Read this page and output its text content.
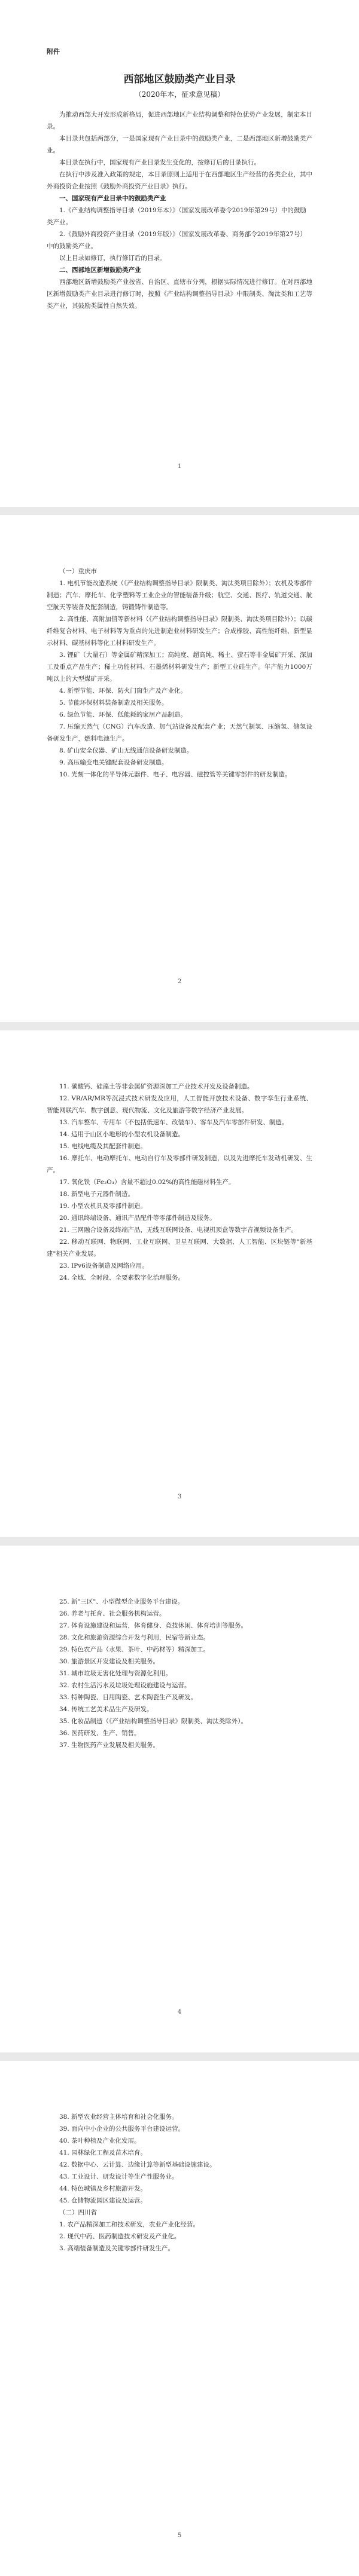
附件
西部地区鼓励类产业目录
（2020年本，征求意见稿）

为推动西部大开发形成新格局，促进西部地区产业结构调整和特色优势产业发展，制定本目录。

本目录共包括两部分，一是国家现有产业目录中的鼓励类产业，二是西部地区新增鼓励类产业。

本目录在执行中，国家现有产业目录发生变化的，按修订后的目录执行。

在执行中涉及准入政策的规定，本目录原则上适用于在西部地区生产经营的各类企业，其中外商投资企业按照《鼓励外商投资产业目录》执行。

一、国家现有产业目录中的鼓励类产业

1.《产业结构调整指导目录（2019年本）》（国家发展改革委令2019年第29号）中的鼓励类产业。

2.《鼓励外商投资产业目录（2019年版）》（国家发展改革委、商务部令2019年第27号）中的鼓励类产业。

以上目录如修订，执行修订后的目录。

二、西部地区新增鼓励类产业

西部地区新增鼓励类产业按省、自治区、直辖市分列，根据实际情况进行修订。在对西部地区新增鼓励类产业目录进行修订时，按照《产业结构调整指导目录》中限制类、淘汰类和工艺等类产业，其鼓励类属性自然失效。

1

（一）重庆市

1. 电机节能改造系统（《产业结构调整指导目录》限制类、淘汰类项目除外）；农机及零部件制造；汽车、摩托车、化学塑料等工业企业的智能装备升级；航空、交通、医疗、轨道交通、航空航天等装备及配套制造，铸锻铸件制造等。

2. 高性能、高附加值等新材料（《产业结构调整指导目录》限制类、淘汰类项目除外）；以碳纤维复合材料、电子材料等为重点的先进制造业材料研发生产；合成橡胶、高性能纤维、新型显示材料、碳基材料等化工材料研发生产。

3. 锂矿（大量石）等金属矿精深加工；高纯度、超高纯、稀土、萤石等非金属矿开采、深加工及重点产品生产；稀土功能材料、石墨烯材料研发生产；新型工业硅生产。年产能力1000万吨以上的大型煤矿开采。

4. 新型节能、环保、防火门窗生产及产业化。

5. 节能环保材料装备制造及相关服务。

6. 绿色节能、环保、低能耗的家居产品制造。

7. 压缩天然气（CNG）汽车改造、加气站设备及配套产业；天然气制氢、压缩氢、储氢设备研发生产，燃料电池生产。

8. 矿山安全仪器、矿山无线通信设备研发制造。

9. 高压输变电关键配套设备研发制造。

10. 光刻一体化的半导体元器件、电子、电容器、磁控管等关键零部件的研发制造。

2

11. 碳酸钙、硅藻土等非金属矿资源深加工产业技术开发及设备制造。

12. VR/AR/MR等沉浸式技术研发及应用，人工智能开放技术设备、数字孪生行业系统、智能网联汽车、数字创意、现代物流、文化及旅游等数字经济产业发展。

13. 汽车整车、专用车（不包括低速车、改装车）、客车及汽车零部件研发、制造。

14. 适用于山区小地形的小型农机设备制造。

15. 电线电缆及其配套件制造。

16. 摩托车、电动摩托车、电动自行车及零部件研发制造，以及先进摩托车发动机研发、生产。

17. 氧化铁（Fe₂O₃）含量不超过0.02%的高性能磁材料生产。

18. 新型电子元器件制造。

19. 小型农机具及零部件制造。

20. 通讯终端设备、通讯产品配件等零部件制造及服务。

21. 三网融合设备及终端产品，无线互联网设备、电视机顶盒等数字音视频设备生产。

22. 移动互联网、物联网、工业互联网、卫星互联网、大数据、人工智能、区块链等"新基建"相关产业发展。

23. IPv6设备制造及网络应用。

24. 全域、全时段、全要素数字化治理服务。

3

25. 新"三区"、小型微型企业服务平台建设。

26. 养老与托育、社会服务机构运营。

27. 体育设施建设和运营，体育健身、竞技休闲、体育培训等服务。

28. 文化和旅游资源综合开发与利用，民宿等新业态。

29. 特色农产品（水果、茶叶、中药材等）精深加工。

30. 旅游景区开发建设及相关服务。

31. 城市垃圾无害化处理与资源化利用。

32. 农村生活污水及垃圾处理设施建设与运营。

33. 特种陶瓷、日用陶瓷、艺术陶瓷生产及研发。

34. 传统工艺美术品生产及研发。

35. 化妆品制造（《产业结构调整指导目录》限制类、淘汰类除外）。

36. 医药研发、生产、销售。

37. 生物医药产业发展及相关服务。

4

38. 新型农业经营主体培育和社会化服务。

39. 面向中小企业的公共服务平台建设运营。

40. 茶叶种植及产业化发展。

41. 园林绿化工程及苗木培育。

42. 数据中心、云计算、边缘计算等新型基础设施建设。

43. 工业设计、研发设计等生产性服务业。

44. 特色城镇及乡村旅游开发。

45. 仓储物流园区建设及运营。

（二）四川省

1. 农产品精深加工和技术研发，农业产业化经营。

2. 现代中药、医药制造技术研发及产业化。

3. 高端装备制造及关键零部件研发生产。

5
